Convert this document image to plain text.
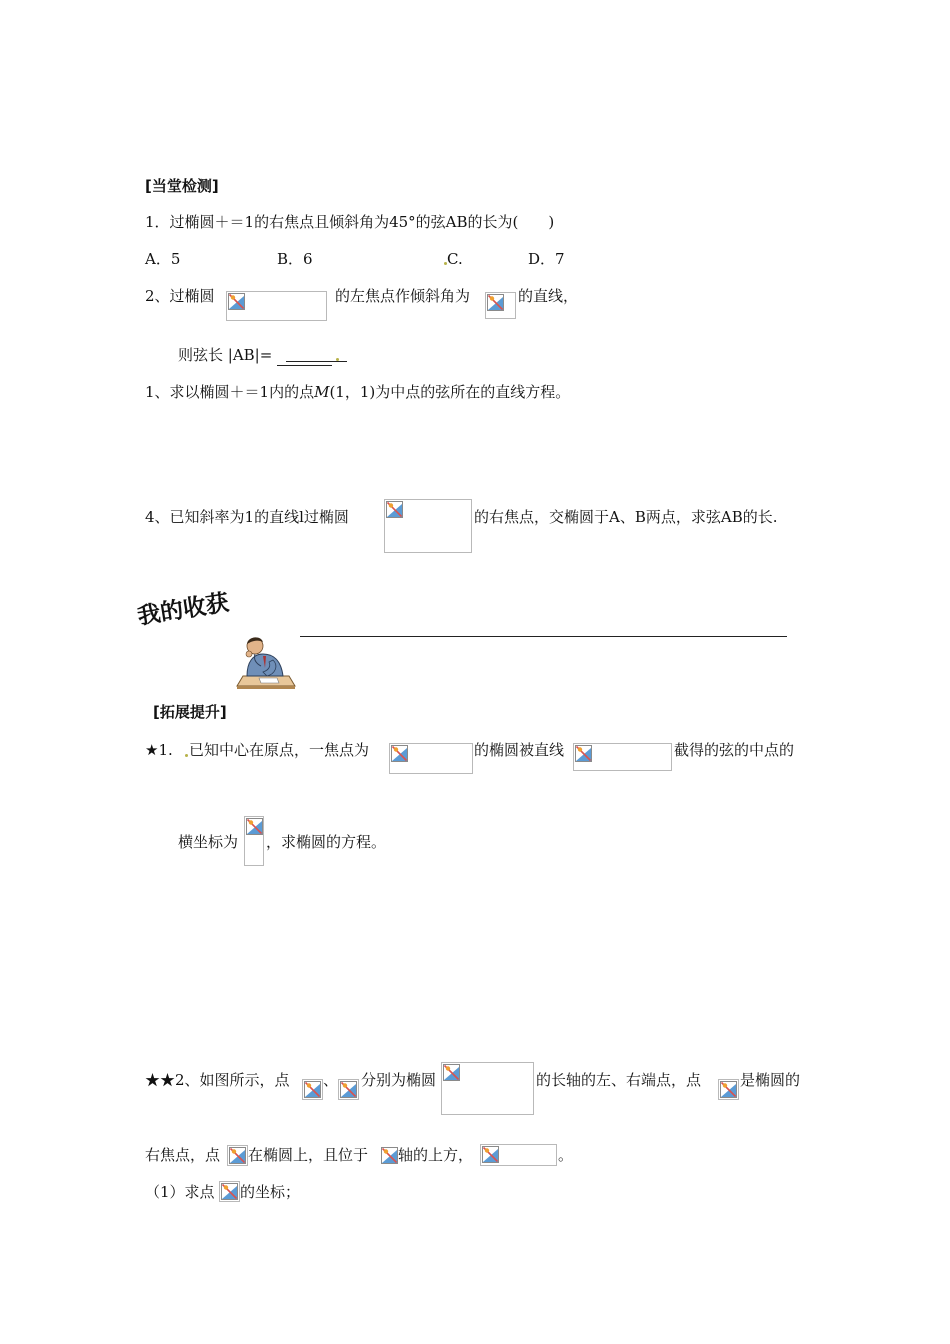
[当堂检测]
1．过椭圆＋＝1的右焦点且倾斜角为45°的弦AB的长为(　　)
A．5	B．6	C.	D．7
2、过椭圆	的左焦点作倾斜角为	的直线，
则弦长 |AB|= ______
1、求以椭圆＋＝1内的点M(1，1)为中点的弦所在的直线方程。
4、已知斜率为1的直线l过椭圆	的右焦点，交椭圆于A、B两点，求弦AB的长.
我的收获
[拓展提升]
★1. 已知中心在原点，一焦点为	的椭圆被直线	截得的弦的中点的
横坐标为 ，求椭圆的方程。
★★2、如图所示，点 、 分别为椭圆	的长轴的左、右端点，点	是椭圆的
右焦点，点 在椭圆上，且位于 轴的上方，	。
（1）求点 的坐标；
